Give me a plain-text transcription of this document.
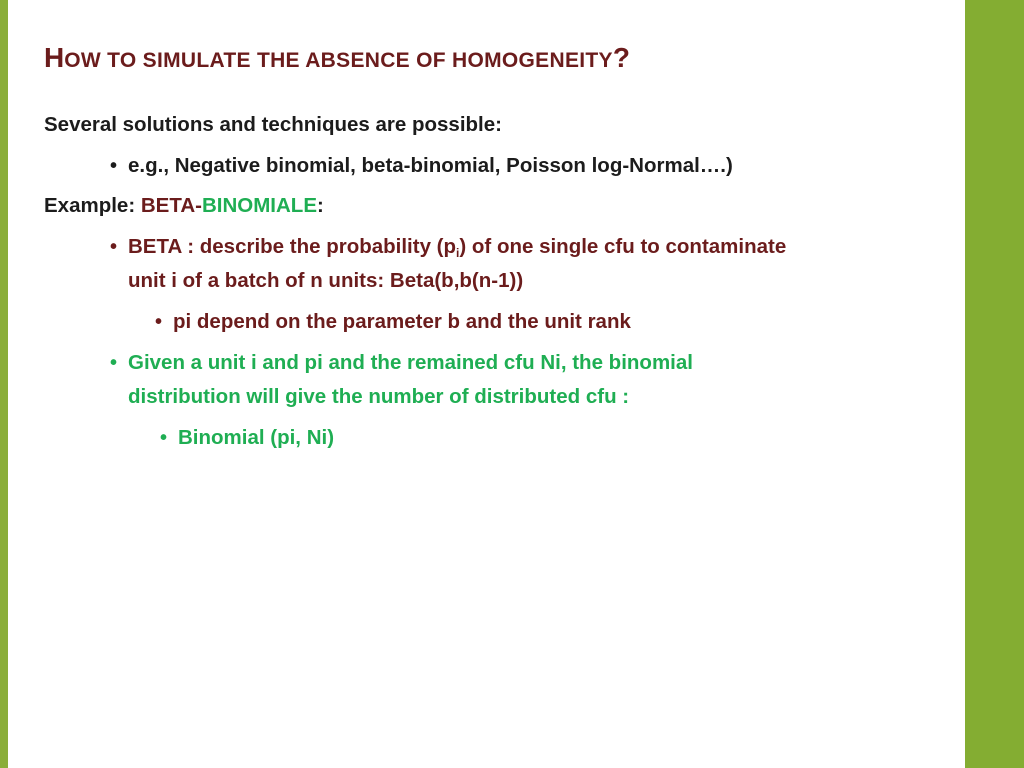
HOW TO SIMULATE THE ABSENCE OF HOMOGENEITY?
Several solutions and techniques are possible:
• e.g., Negative binomial, beta-binomial, Poisson log-Normal….)
Example: BETA-BINOMIALE:
• BETA : describe the probability $(p_i)$ of one single cfu to contaminate
unit i of a batch of n units: Beta(b,b(n-1))
• pi depend on the parameter b and the unit rank
• Given a unit i and pi and the remained cfu Ni, the binomial
distribution will give the number of distributed cfu :
• Binomial (pi, Ni)
